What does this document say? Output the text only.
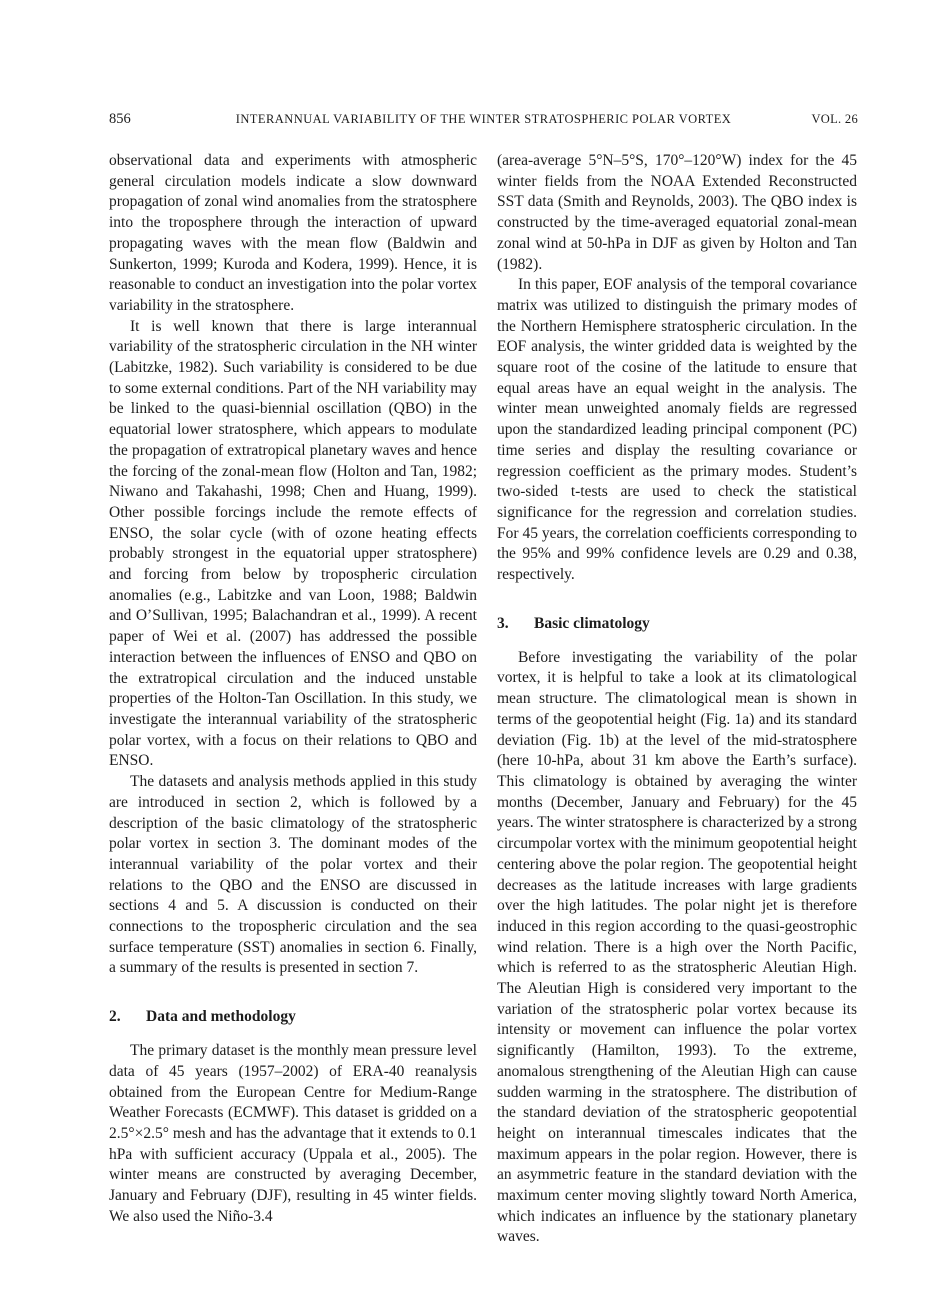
856	INTERANNUAL VARIABILITY OF THE WINTER STRATOSPHERIC POLAR VORTEX	VOL. 26

observational data and experiments with atmospheric general circulation models indicate a slow downward propagation of zonal wind anomalies from the stratosphere into the troposphere through the interaction of upward propagating waves with the mean flow (Baldwin and Sunkerton, 1999; Kuroda and Kodera, 1999). Hence, it is reasonable to conduct an investigation into the polar vortex variability in the stratosphere.

It is well known that there is large interannual variability of the stratospheric circulation in the NH winter (Labitzke, 1982). Such variability is considered to be due to some external conditions. Part of the NH variability may be linked to the quasi-biennial oscillation (QBO) in the equatorial lower stratosphere, which appears to modulate the propagation of extratropical planetary waves and hence the forcing of the zonal-mean flow (Holton and Tan, 1982; Niwano and Takahashi, 1998; Chen and Huang, 1999). Other possible forcings include the remote effects of ENSO, the solar cycle (with of ozone heating effects probably strongest in the equatorial upper stratosphere) and forcing from below by tropospheric circulation anomalies (e.g., Labitzke and van Loon, 1988; Baldwin and O’Sullivan, 1995; Balachandran et al., 1999). A recent paper of Wei et al. (2007) has addressed the possible interaction between the influences of ENSO and QBO on the extratropical circulation and the induced unstable properties of the Holton-Tan Oscillation. In this study, we investigate the interannual variability of the stratospheric polar vortex, with a focus on their relations to QBO and ENSO.

The datasets and analysis methods applied in this study are introduced in section 2, which is followed by a description of the basic climatology of the stratospheric polar vortex in section 3. The dominant modes of the interannual variability of the polar vortex and their relations to the QBO and the ENSO are discussed in sections 4 and 5. A discussion is conducted on their connections to the tropospheric circulation and the sea surface temperature (SST) anomalies in section 6. Finally, a summary of the results is presented in section 7.

2.	Data and methodology

The primary dataset is the monthly mean pressure level data of 45 years (1957–2002) of ERA-40 reanalysis obtained from the European Centre for Medium-Range Weather Forecasts (ECMWF). This dataset is gridded on a 2.5°×2.5° mesh and has the advantage that it extends to 0.1 hPa with sufficient accuracy (Uppala et al., 2005). The winter means are constructed by averaging December, January and February (DJF), resulting in 45 winter fields. We also used the Niño-3.4

(area-average 5°N–5°S, 170°–120°W) index for the 45 winter fields from the NOAA Extended Reconstructed SST data (Smith and Reynolds, 2003). The QBO index is constructed by the time-averaged equatorial zonal-mean zonal wind at 50-hPa in DJF as given by Holton and Tan (1982).

In this paper, EOF analysis of the temporal covariance matrix was utilized to distinguish the primary modes of the Northern Hemisphere stratospheric circulation. In the EOF analysis, the winter gridded data is weighted by the square root of the cosine of the latitude to ensure that equal areas have an equal weight in the analysis. The winter mean unweighted anomaly fields are regressed upon the standardized leading principal component (PC) time series and display the resulting covariance or regression coefficient as the primary modes. Student’s two-sided t-tests are used to check the statistical significance for the regression and correlation studies. For 45 years, the correlation coefficients corresponding to the 95% and 99% confidence levels are 0.29 and 0.38, respectively.

3.	Basic climatology

Before investigating the variability of the polar vortex, it is helpful to take a look at its climatological mean structure. The climatological mean is shown in terms of the geopotential height (Fig. 1a) and its standard deviation (Fig. 1b) at the level of the mid-stratosphere (here 10-hPa, about 31 km above the Earth’s surface). This climatology is obtained by averaging the winter months (December, January and February) for the 45 years. The winter stratosphere is characterized by a strong circumpolar vortex with the minimum geopotential height centering above the polar region. The geopotential height decreases as the latitude increases with large gradients over the high latitudes. The polar night jet is therefore induced in this region according to the quasi-geostrophic wind relation. There is a high over the North Pacific, which is referred to as the stratospheric Aleutian High. The Aleutian High is considered very important to the variation of the stratospheric polar vortex because its intensity or movement can influence the polar vortex significantly (Hamilton, 1993). To the extreme, anomalous strengthening of the Aleutian High can cause sudden warming in the stratosphere. The distribution of the standard deviation of the stratospheric geopotential height on interannual timescales indicates that the maximum appears in the polar region. However, there is an asymmetric feature in the standard deviation with the maximum center moving slightly toward North America, which indicates an influence by the stationary planetary waves.
